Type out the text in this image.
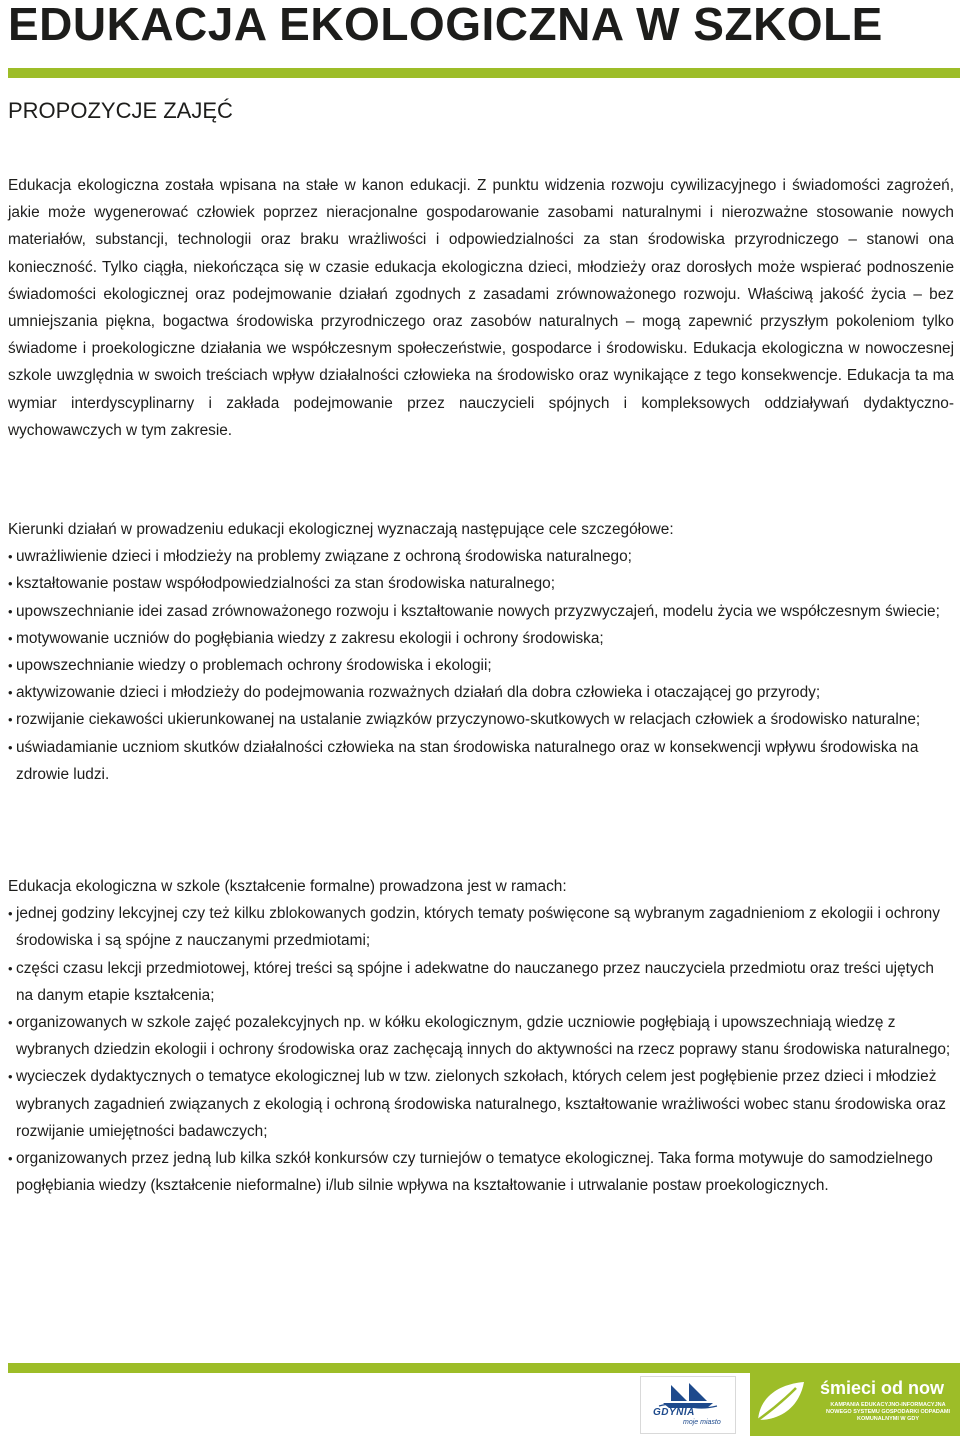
EDUKACJA EKOLOGICZNA W SZKOLE
PROPOZYCJE ZAJĘĆ

Edukacja ekologiczna została wpisana na stałe w kanon edukacji. Z punktu widzenia rozwoju cywilizacyjnego i świadomości zagrożeń, jakie może wygenerować człowiek poprzez nieracjonalne gospodarowanie zasobami naturalnymi i nierozważne stosowanie nowych materiałów, substancji, technologii oraz braku wrażliwości i odpowiedzialności za stan środowiska przyrodniczego – stanowi ona konieczność. Tylko ciągła, niekończąca się w czasie edukacja ekologiczna dzieci, młodzieży oraz dorosłych może wspierać podnoszenie świadomości ekologicznej oraz podejmowanie działań zgodnych z zasadami zrównoważonego rozwoju. Właściwą jakość życia – bez umniejszania piękna, bogactwa środowiska przyrodniczego oraz zasobów naturalnych – mogą zapewnić przyszłym pokoleniom tylko świadome i proekologiczne działania we współczesnym społeczeństwie, gospodarce i środowisku. Edukacja ekologiczna w nowoczesnej szkole uwzględnia w swoich treściach wpływ działalności człowieka na środowisko oraz wynikające z tego konsekwencje. Edukacja ta ma wymiar interdyscyplinarny i zakłada podejmowanie przez nauczycieli spójnych i kompleksowych oddziaływań dydaktyczno-wychowawczych w tym zakresie.

Kierunki działań w prowadzeniu edukacji ekologicznej wyznaczają następujące cele szczegółowe:

• uwrażliwienie dzieci i młodzieży na problemy związane z ochroną środowiska naturalnego;
• kształtowanie postaw współodpowiedzialności za stan środowiska naturalnego;
• upowszechnianie idei zasad zrównoważonego rozwoju i kształtowanie nowych przyzwyczajeń, modelu życia we współczesnym świecie;
• motywowanie uczniów do pogłębiania wiedzy z zakresu ekologii i ochrony środowiska;
• upowszechnianie wiedzy o problemach ochrony środowiska i ekologii;
• aktywizowanie dzieci i młodzieży do podejmowania rozważnych działań dla dobra człowieka i otaczającej go przyrody;
• rozwijanie ciekawości ukierunkowanej na ustalanie związków przyczynowo-skutkowych w relacjach człowiek a środowisko naturalne;
• uświadamianie uczniom skutków działalności człowieka na stan środowiska naturalnego oraz w konsekwencji wpływu środowiska na zdrowie ludzi.

Edukacja ekologiczna w szkole (kształcenie formalne) prowadzona jest w ramach:

• jednej godziny lekcyjnej czy też kilku zblokowanych godzin, których tematy poświęcone są wybranym zagadnieniom z ekologii i ochrony środowiska i są spójne z nauczanymi przedmiotami;
• części czasu lekcji przedmiotowej, której treści są spójne i adekwatne do nauczanego przez nauczyciela przedmiotu oraz treści ujętych na danym etapie kształcenia;
• organizowanych w szkole zajęć pozalekcyjnych np. w kółku ekologicznym, gdzie uczniowie pogłębiają i upowszechniają wiedzę z wybranych dziedzin ekologii i ochrony środowiska oraz zachęcają innych do aktywności na rzecz poprawy stanu środowiska naturalnego;
• wycieczek dydaktycznych o tematyce ekologicznej lub w tzw. zielonych szkołach, których celem jest pogłębienie przez dzieci i młodzież wybranych zagadnień związanych z ekologią i ochroną środowiska naturalnego, kształtowanie wrażliwości wobec stanu środowiska oraz rozwijanie umiejętności badawczych;
• organizowanych przez jedną lub kilka szkół konkursów czy turniejów o tematyce ekologicznej. Taka forma motywuje do samodzielnego pogłębiania wiedzy (kształcenie nieformalne) i/lub silnie wpływa na kształtowanie i utrwalanie postaw proekologicznych.
GDYNIA
moje miasto
śmieci od now
KAMPANIA EDUKACYJNO-INFORMACYJNA NOWEGO SYSTEMU GOSPODARKI ODPADAMI KOMUNALNYMI W GDY
